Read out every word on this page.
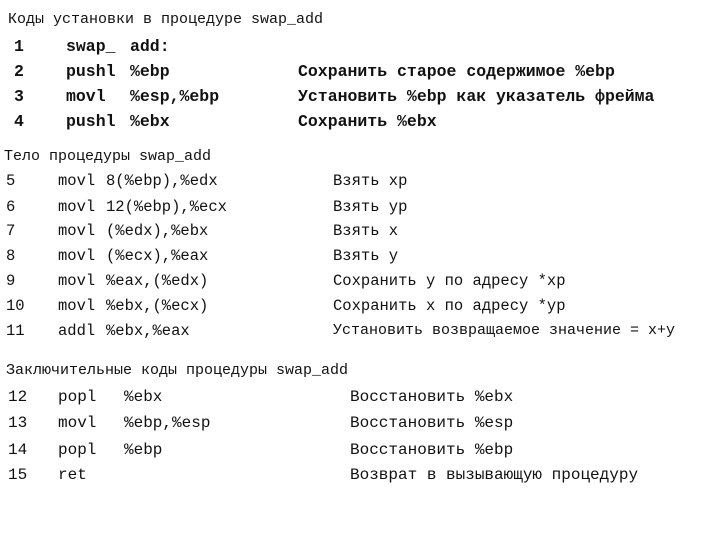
Коды установки в процедуре swap_add
1	swap_ add:
2	pushl %ebp	Сохранить старое содержимое %ebp
3	movl %esp,%ebp	Установить %ebp как указатель фрейма
4	pushl %ebx	Сохранить %ebx
Тело процедуры swap_add
5	movl 8(%ebp),%edx	Взять xp
6	movl 12(%ebp),%ecx	Взять yp
7	movl (%edx),%ebx	Взять x
8	movl (%ecx),%eax	Взять y
9	movl %eax,(%edx)	Сохранить y по адресу *xp
10 movl %ebx,(%ecx)	Сохранить x по адресу *yp
11 addl %ebx,%eax	Установить возвращаемое значение = x+y
Заключительные коды процедуры swap_add
12 popl %ebx	Восстановить %ebx
13 movl %ebp,%esp	Восстановить %esp
14 popl %ebp	Восстановить %ebp
15 ret	Возврат в вызывающую процедуру
